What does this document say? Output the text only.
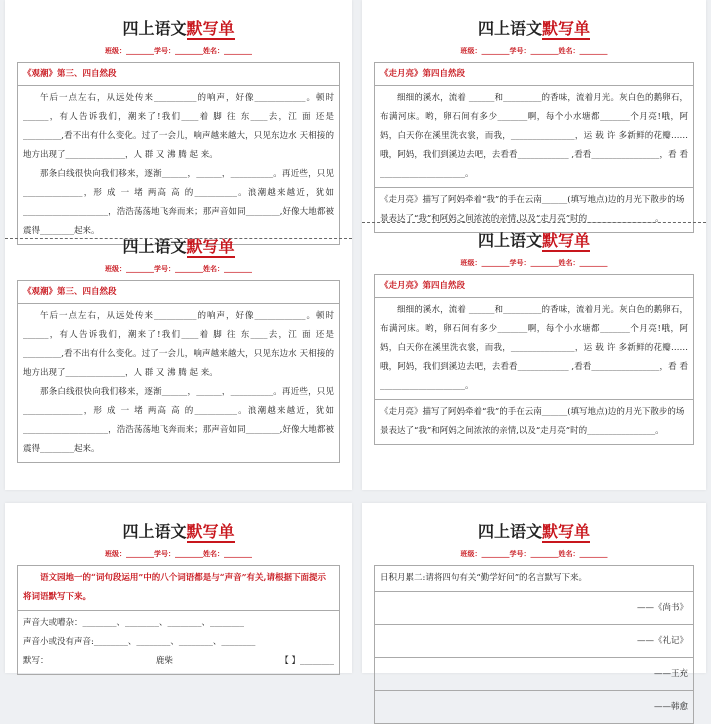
四上语文默写单
班级：________学号：________姓名：________
《观潮》第三、四自然段

午后一点左右，从远处传来__________的响声，好像____________。顿时 ______，有人告诉我们，潮来了!我们____着 脚 往 东____去，江 面 还是_________,看不出有什么变化。过了一会儿，响声越来越大，只见东边水 天相接的地方出现了______________，人 群 又 沸 腾 起 来。

那条白线很快向我们移来，逐渐______，______，__________。再近些，只见______________，形 成 一 堵 两高 高 的__________。浪潮越来越近，犹如____________________，浩浩荡荡地飞奔而来；那声音如同________,好像大地都被震得________起来。

四上语文默写单
班级：________学号：________姓名：________
《观潮》第三、四自然段

午后一点左右，从远处传来__________的响声，好像____________。顿时 ______，有人告诉我们，潮来了!我们____着 脚 往 东____去，江 面 还是_________,看不出有什么变化。过了一会儿，响声越来越大，只见东边水 天相接的地方出现了______________，人 群 又 沸 腾 起 来。

那条白线很快向我们移来，逐渐______，______，__________。再近些，只见______________，形 成 一 堵 两高 高 的__________。浪潮越来越近，犹如____________________，浩浩荡荡地飞奔而来；那声音如同________,好像大地都被震得________起来。

四上语文默写单
班级：________学号：________姓名：________
《走月亮》第四自然段

细细的溪水，流着 ______和_________的香味，流着月光。灰白色的鹅卵石， 布满河床。哟，卵石间有多少_______啊，每个小水塘都_______个月亮!哦，阿妈，白天你在溪里洗衣裳，而我，_______________，运 载 许 多新鲜的花瓣……哦，阿妈，我们到溪边去吧，去看看____________ ,看看________________，看 看____________________。

《走月亮》描写了阿妈牵着“我”的手在云南______(填写地点)边的月光下散步的场景表达了“我”和阿妈之间浓浓的亲情,以及“走月亮”时的________________。
四上语文默写单
班级：________学号：________姓名：________
《走月亮》第四自然段

细细的溪水，流着 ______和_________的香味，流着月光。灰白色的鹅卵石， 布满河床。哟，卵石间有多少_______啊，每个小水塘都_______个月亮!哦，阿妈，白天你在溪里洗衣裳，而我，_______________，运 载 许 多新鲜的花瓣……哦，阿妈，我们到溪边去吧，去看看____________ ,看看________________，看 看____________________。

《走月亮》描写了阿妈牵着“我”的手在云南______(填写地点)边的月光下散步的场景表达了“我”和阿妈之间浓浓的亲情,以及“走月亮”时的________________。
四上语文默写单
班级：________学号：________姓名：________
语文园地一的“词句段运用”中的八个词语都是与“声音”有关,请根据下面提示将词语默写下来。
声音大或嘈杂：________、________、________、________
声音小或没有声音:________、________、________、________
默写：	鹿柴	【 】________
四上语文默写单
班级：________学号：________姓名：________
日积月累二:请将四句有关“勤学好问”的名言默写下来。
——《尚书》
——《礼记》
——王充
——韩愈
